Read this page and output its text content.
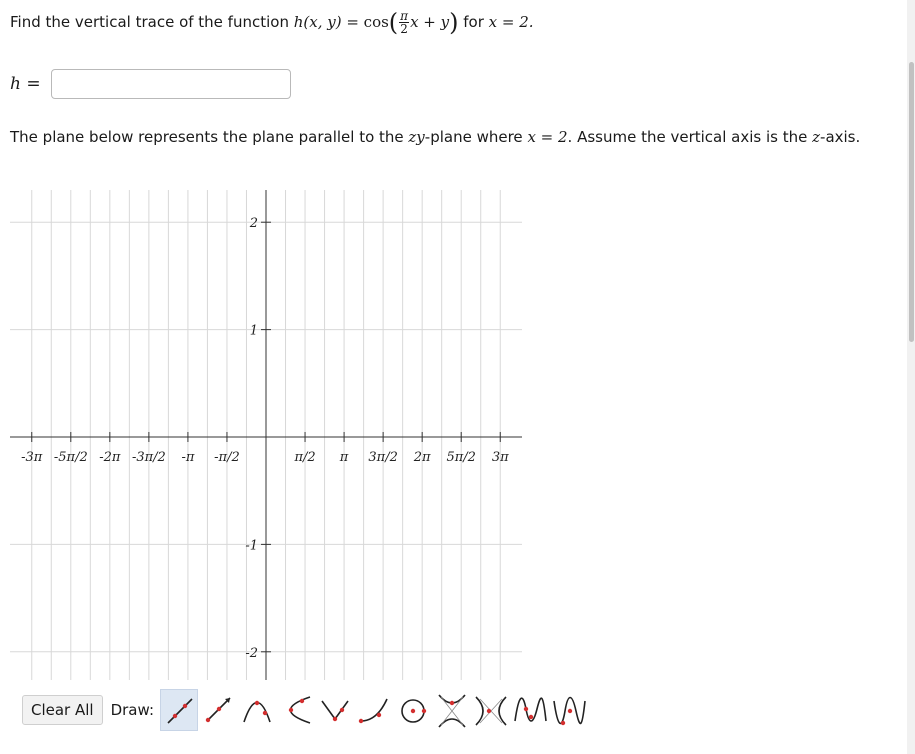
Find the vertical trace of the function h(x, $y) = \cos( \frac{\pi}{2}$ x + y) for x = 2.
h =
The plane below represents the plane parallel to the zy-plane where x = 2. Assume the vertical axis is the z-axis.
-3π -5π/2 -2π -3π/2 -π -π/2	π/2 π 3π/2 2π 5π/2 3π
2
1
-1
-2
Clear All	Draw:
